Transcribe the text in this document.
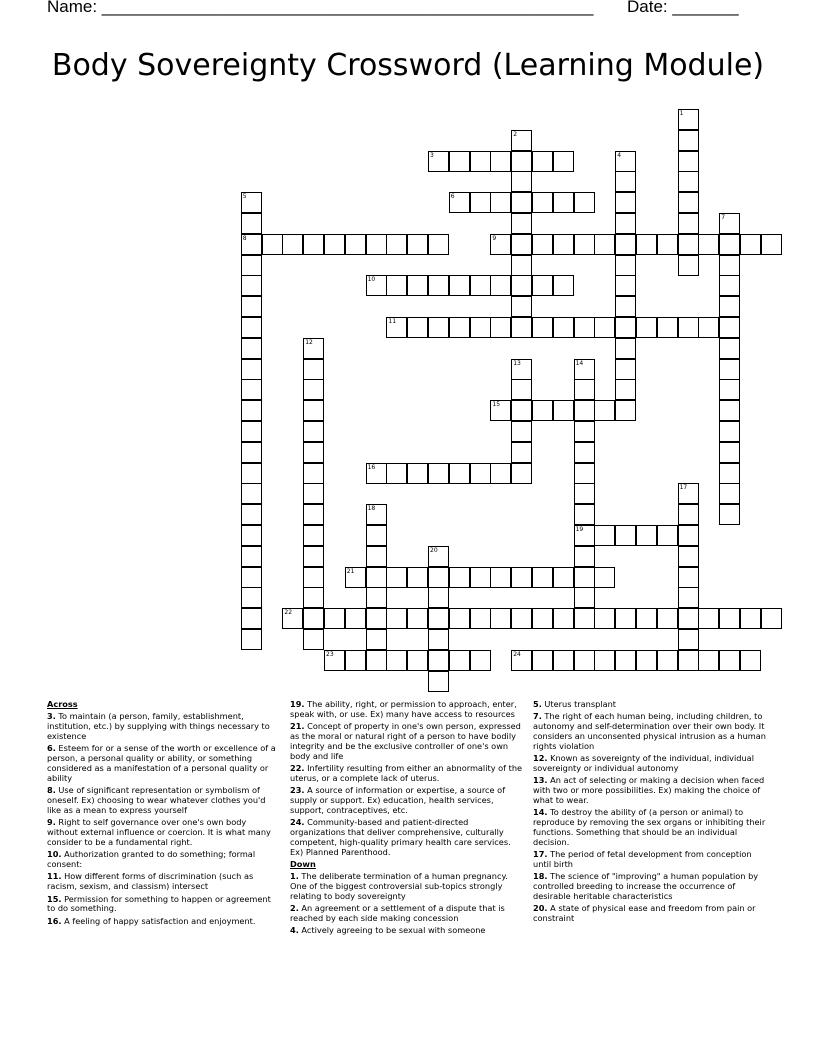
Name: ____________________________________________________ Date: _______
Body Sovereignty Crossword (Learning Module)
1
2
3	4
5
8
6
7
9
10
11
12
13	14
19
15
16
17
18
20
21
22
23	24
Across
3. To maintain (a person, family, establishment, institution, etc.) by supplying with things necessary to existence
6. Esteem for or a sense of the worth or excellence of a person, a personal quality or ability, or something considered as a manifestation of a personal quality or ability
8. Use of significant representation or symbolism of oneself. Ex) choosing to wear whatever clothes you'd like as a mean to express yourself
9. Right to self governance over one's own body without external influence or coercion. It is what many consider to be a fundamental right.
10. Authorization granted to do something; formal consent:
11. How different forms of discrimination (such as racism, sexism, and classism) intersect
15. Permission for something to happen or agreement to do something.
16. A feeling of happy satisfaction and enjoyment.
19. The ability, right, or permission to approach, enter, speak with, or use. Ex) many have access to resources
21. Concept of property in one's own person, expressed as the moral or natural right of a person to have bodily integrity and be the exclusive controller of one's own body and life
22. Infertility resulting from either an abnormality of the uterus, or a complete lack of uterus.
23. A source of information or expertise, a source of supply or support. Ex) education, health services, support, contraceptives, etc.
24. Community-based and patient-directed organizations that deliver comprehensive, culturally competent, high-quality primary health care services. Ex) Planned Parenthood.
Down
1. The deliberate termination of a human pregnancy. One of the biggest controversial sub-topics strongly relating to body sovereignty
2. An agreement or a settlement of a dispute that is reached by each side making concession
4. Actively agreeing to be sexual with someone
5. Uterus transplant
7. The right of each human being, including children, to autonomy and self-determination over their own body. It considers an unconsented physical intrusion as a human rights violation
12. Known as sovereignty of the individual, individual sovereignty or individual autonomy
13. An act of selecting or making a decision when faced with two or more possibilities. Ex) making the choice of what to wear.
14. To destroy the ability of (a person or animal) to reproduce by removing the sex organs or inhibiting their functions. Something that should be an individual decision.
17. The period of fetal development from conception until birth
18. The science of "improving" a human population by controlled breeding to increase the occurrence of desirable heritable characteristics
20. A state of physical ease and freedom from pain or constraint
